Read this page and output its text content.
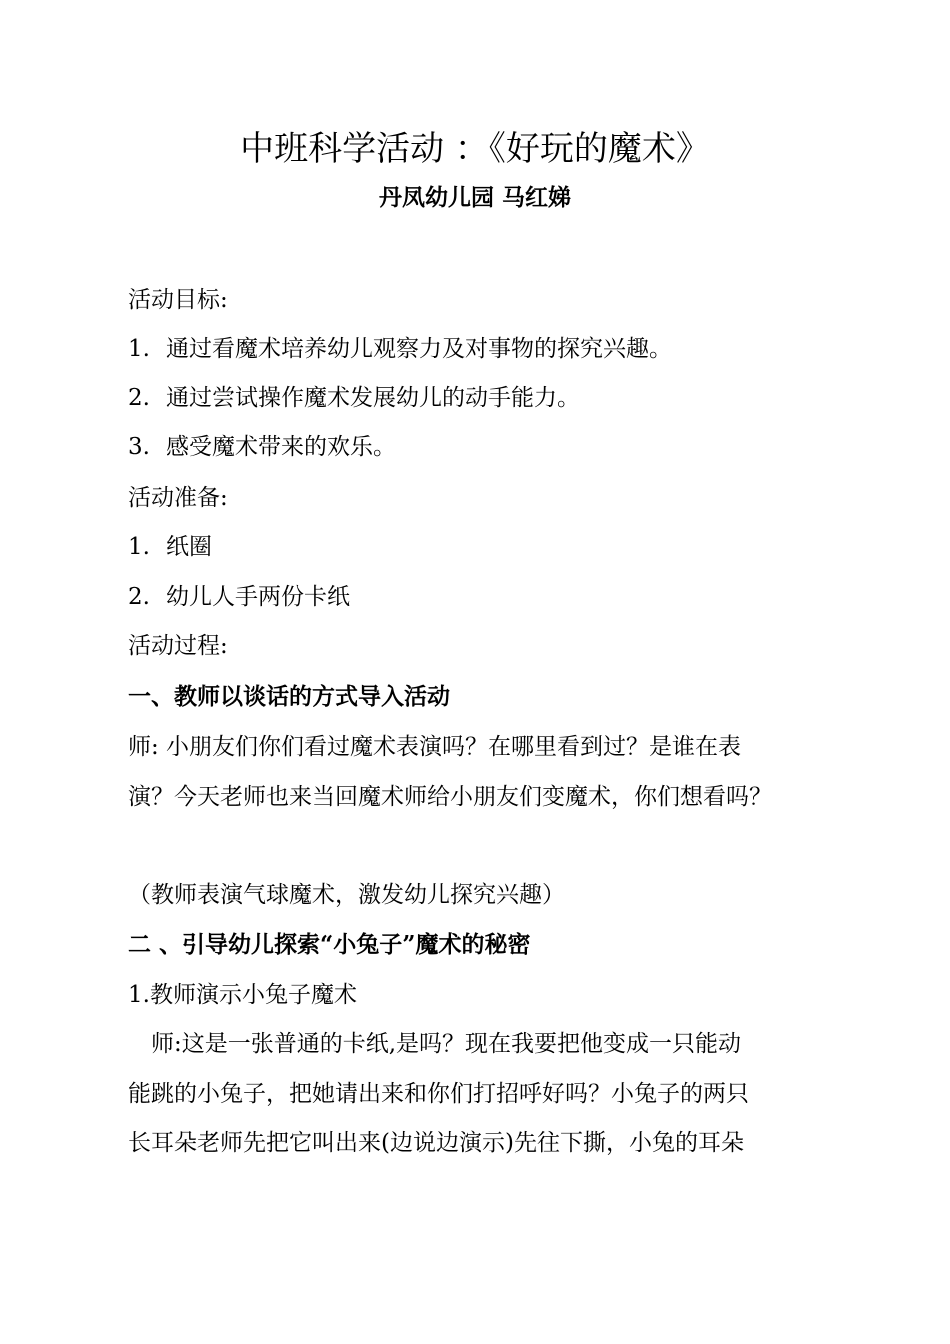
中班科学活动 ：《好玩的魔术》
丹凤幼儿园 马红娣
活动目标:
1. 通过看魔术培养幼儿观察力及对事物的探究兴趣。
2. 通过尝试操作魔术发展幼儿的动手能力。
3. 感受魔术带来的欢乐。
活动准备:
1. 纸圈
2. 幼儿人手两份卡纸
活动过程:
一、教师以谈话的方式导入活动
师: 小朋友们你们看过魔术表演吗？在哪里看到过？是谁在表
演？今天老师也来当回魔术师给小朋友们变魔术，你们想看吗？
（教师表演气球魔术，激发幼儿探究兴趣）
二 、引导幼儿探索“小兔子”魔术的秘密
1.教师演示小兔子魔术
　师:这是一张普通的卡纸,是吗？现在我要把他变成一只能动
能跳的小兔子，把她请出来和你们打招呼好吗？小兔子的两只
长耳朵老师先把它叫出来(边说边演示)先往下撕，小兔的耳朵
